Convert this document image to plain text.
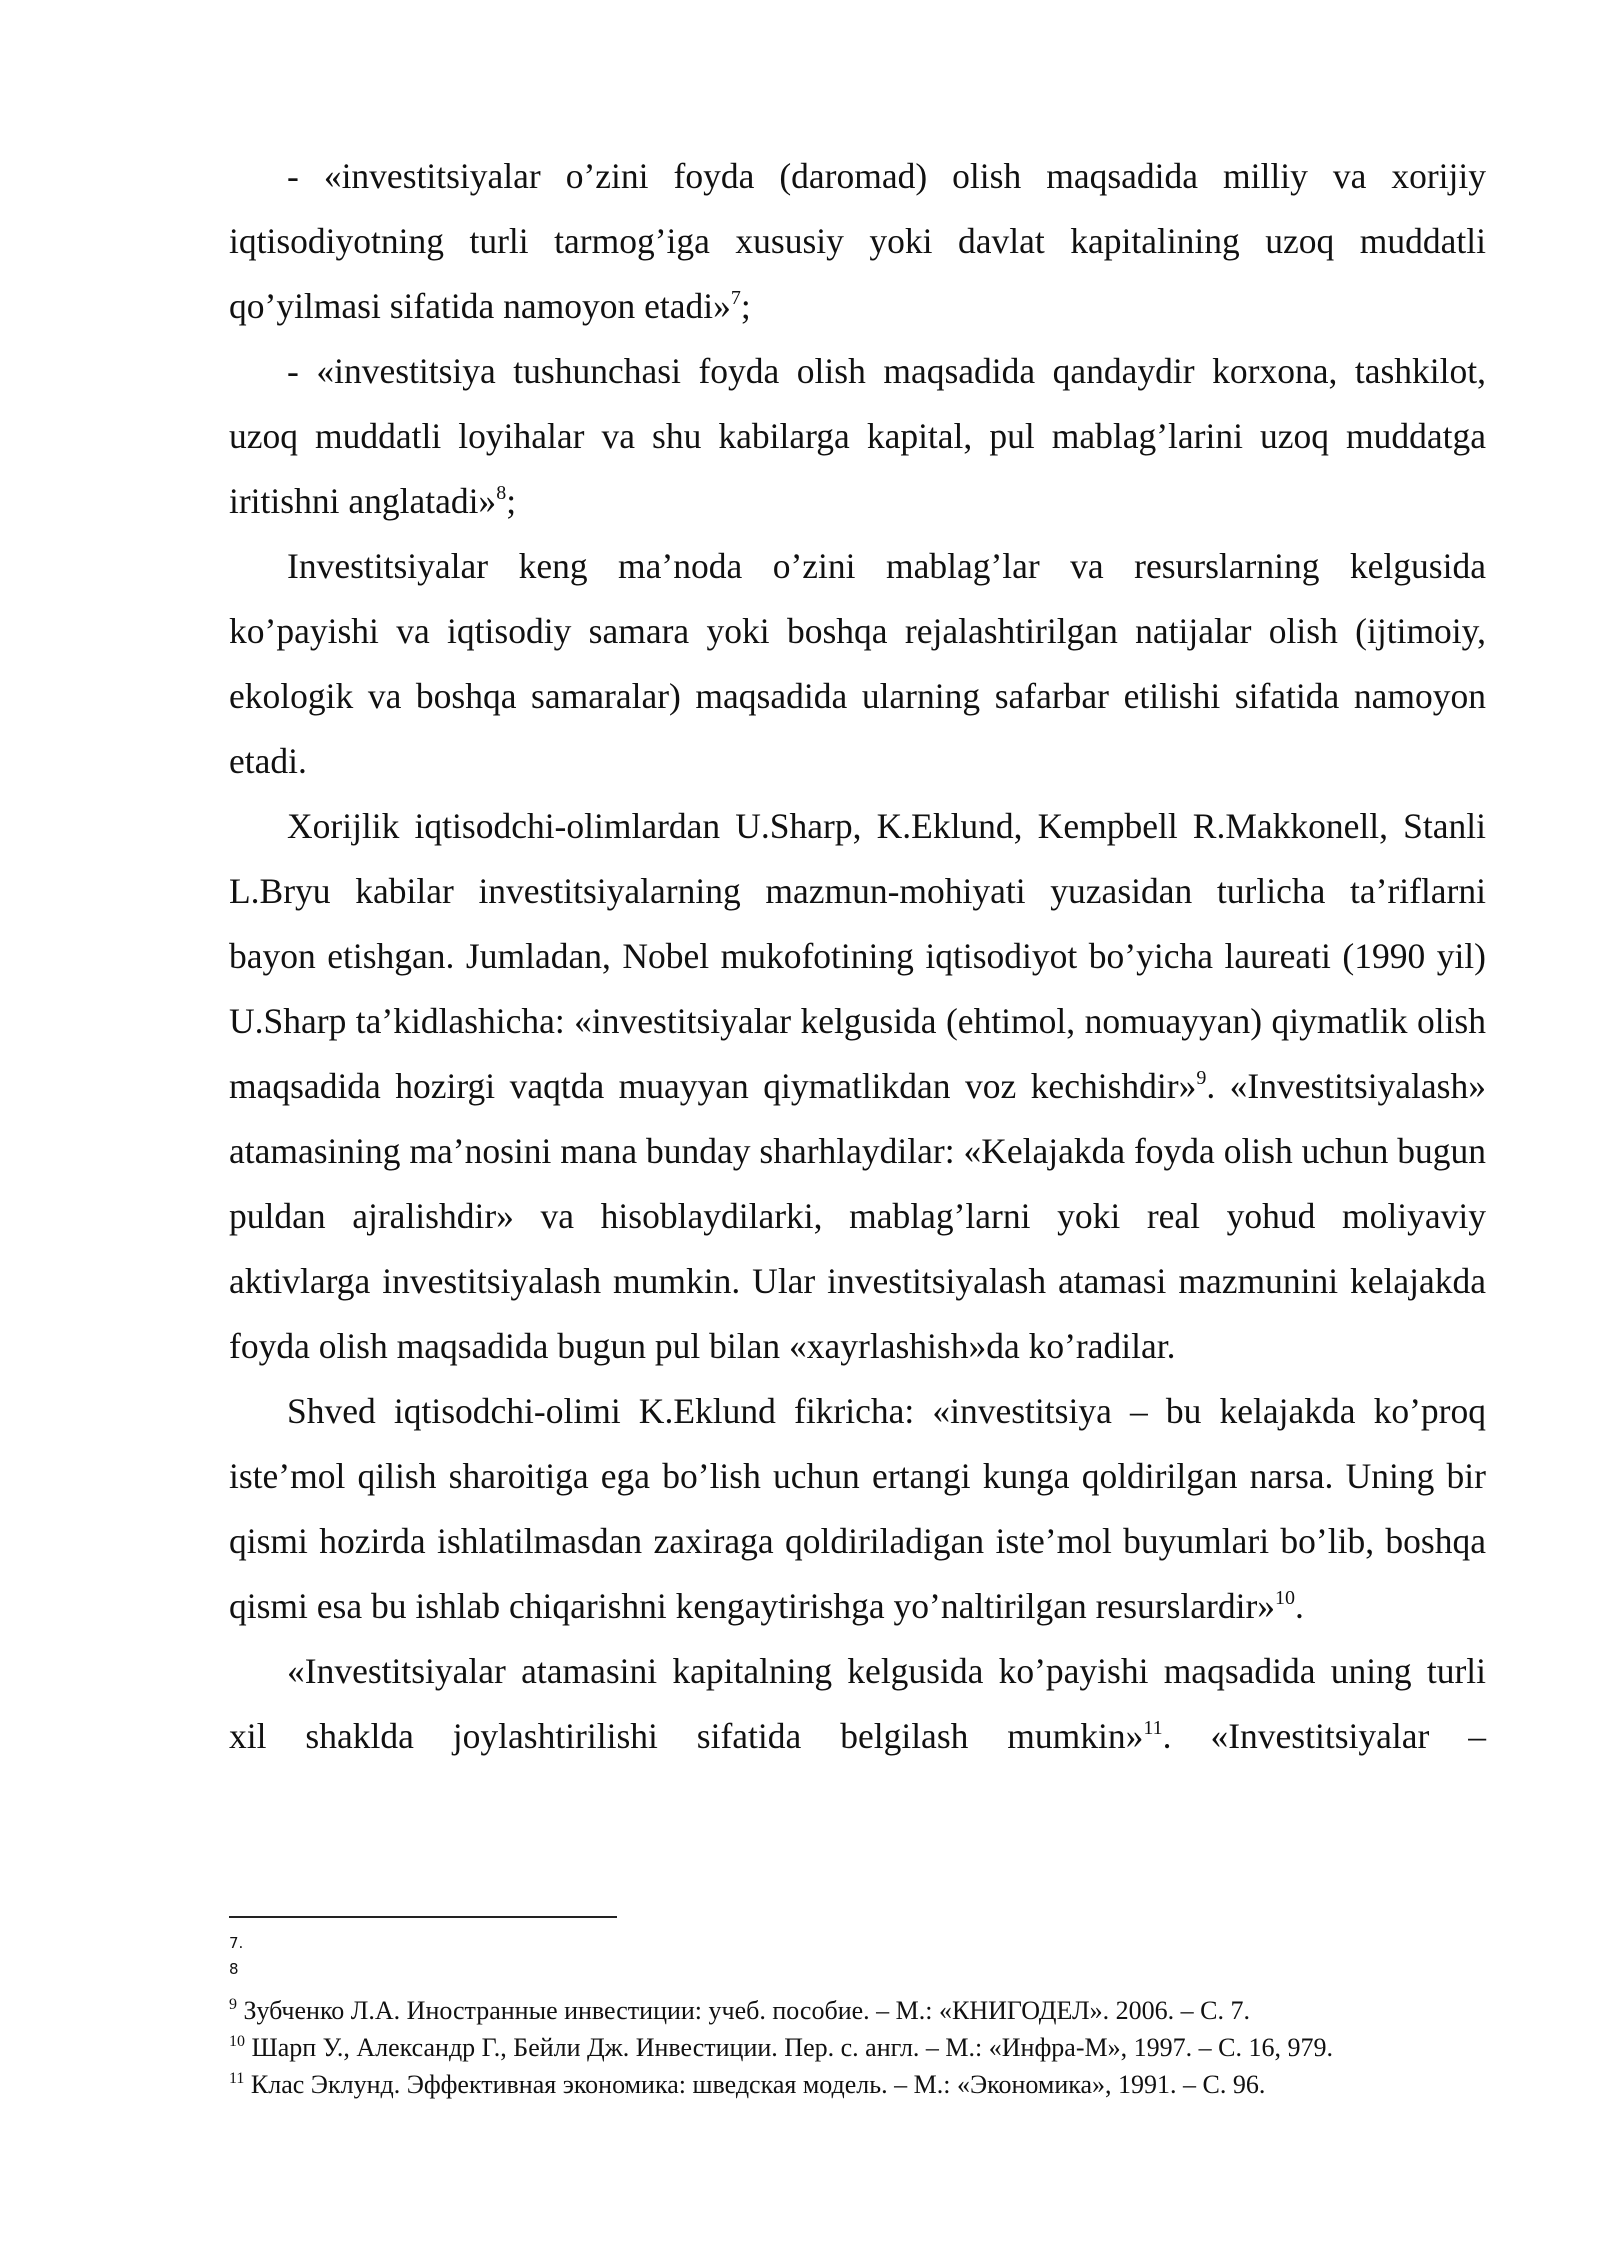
- «investitsiyalar o’zini foyda (daromad) olish maqsadida milliy va xorijiy iqtisodiyotning turli tarmog’iga xususiy yoki davlat kapitalining uzoq muddatli qo’yilmasi sifatida namoyon etadi»$^7$;

- «investitsiya tushunchasi foyda olish maqsadida qandaydir korxona, tashkilot, uzoq muddatli loyihalar va shu kabilarga kapital, pul mablag’larini uzoq muddatga iritishni anglatadi»$^8$;

Investitsiyalar keng ma’noda o’zini mablag’lar va resurslarning kelgusida ko’payishi va iqtisodiy samara yoki boshqa rejalashtirilgan natijalar olish (ijtimoiy, ekologik va boshqa samaralar) maqsadida ularning safarbar etilishi sifatida namoyon etadi.

Xorijlik iqtisodchi-olimlardan U.Sharp, K.Eklund, Kempbell R.Makkonell, Stanli L.Bryu kabilar investitsiyalarning mazmun-mohiyati yuzasidan turlicha ta’riflarni bayon etishgan. Jumladan, Nobel mukofotining iqtisodiyot bo’yicha laureati (1990 yil) U.Sharp ta’kidlashicha: «investitsiyalar kelgusida (ehtimol, nomuayyan) qiymatlik olish maqsadida hozirgi vaqtda muayyan qiymatlikdan voz kechishdir»$^9$. «Investitsiyalash» atamasining ma’nosini mana bunday sharhlaydilar: «Kelajakda foyda olish uchun bugun puldan ajralishdir» va hisoblaydilarki, mablag’larni yoki real yohud moliyaviy aktivlarga investitsiyalash mumkin. Ular investitsiyalash atamasi mazmunini kelajakda foyda olish maqsadida bugun pul bilan «xayrlashish»da ko’radilar.

Shved iqtisodchi-olimi K.Eklund fikricha: «investitsiya – bu kelajakda ko’proq iste’mol qilish sharoitiga ega bo’lish uchun ertangi kunga qoldirilgan narsa. Uning bir qismi hozirda ishlatilmasdan zaxiraga qoldiriladigan iste’mol buyumlari bo’lib, boshqa qismi esa bu ishlab chiqarishni kengaytirishga yo’naltirilgan resurslardir»$^{10}$.

«Investitsiyalar atamasini kapitalning kelgusida ko’payishi maqsadida uning turli xil shaklda joylashtirilishi sifatida belgilash mumkin»$^{11}$. «Investitsiyalar –

7.

8

$^9$ Зубченко Л.А. Иностранные инвестиции: учеб. пособие. – М.: «КНИГОДЕЛ». 2006. – С. 7.

$^{10}$ Шарп У., Александр Г., Бейли Дж. Инвестиции. Пер. с. англ. – М.: «Инфра-М», 1997. – С. 16, 979.

$^{11}$ Клас Эклунд. Эффективная экономика: шведская модель. – М.: «Экономика», 1991. – С. 96.
